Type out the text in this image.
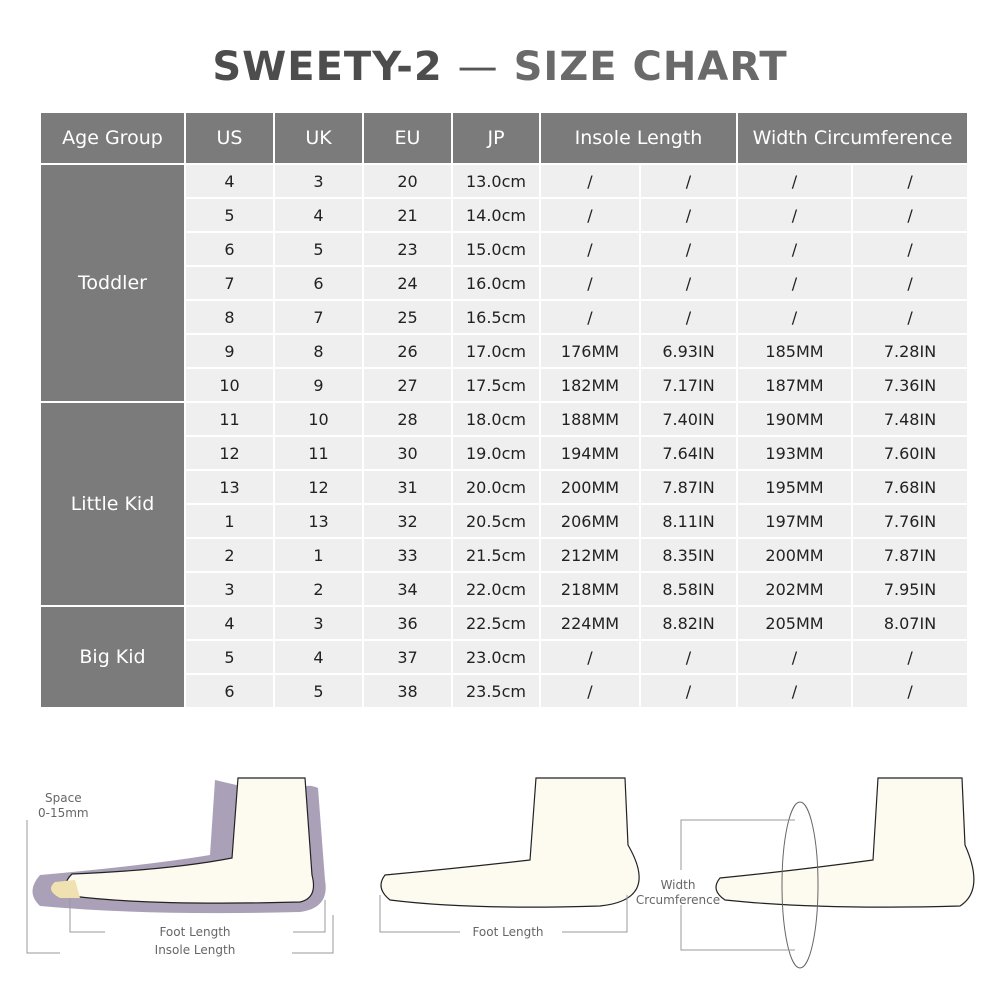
SWEETY-2 — SIZE CHART
Age Group	US	UK	EU	JP	Insole Length		Width Circumference	
Toddler	4	3	20	13.0cm	/	/	/	/
	5	4	21	14.0cm	/	/	/	/
	6	5	23	15.0cm	/	/	/	/
	7	6	24	16.0cm	/	/	/	/
	8	7	25	16.5cm	/	/	/	/
	9	8	26	17.0cm	176MM	6.93IN	185MM	7.28IN
	10	9	27	17.5cm	182MM	7.17IN	187MM	7.36IN
Little Kid	11	10	28	18.0cm	188MM	7.40IN	190MM	7.48IN
	12	11	30	19.0cm	194MM	7.64IN	193MM	7.60IN
	13	12	31	20.0cm	200MM	7.87IN	195MM	7.68IN
	1	13	32	20.5cm	206MM	8.11IN	197MM	7.76IN
	2	1	33	21.5cm	212MM	8.35IN	200MM	7.87IN
	3	2	34	22.0cm	218MM	8.58IN	202MM	7.95IN
Big Kid	4	3	36	22.5cm	224MM	8.82IN	205MM	8.07IN
	5	4	37	23.0cm	/	/	/	/
	6	5	38	23.5cm	/	/	/	/
Space
0-15mm
Foot Length
Insole Length
Foot Length
Width
Crcumference
